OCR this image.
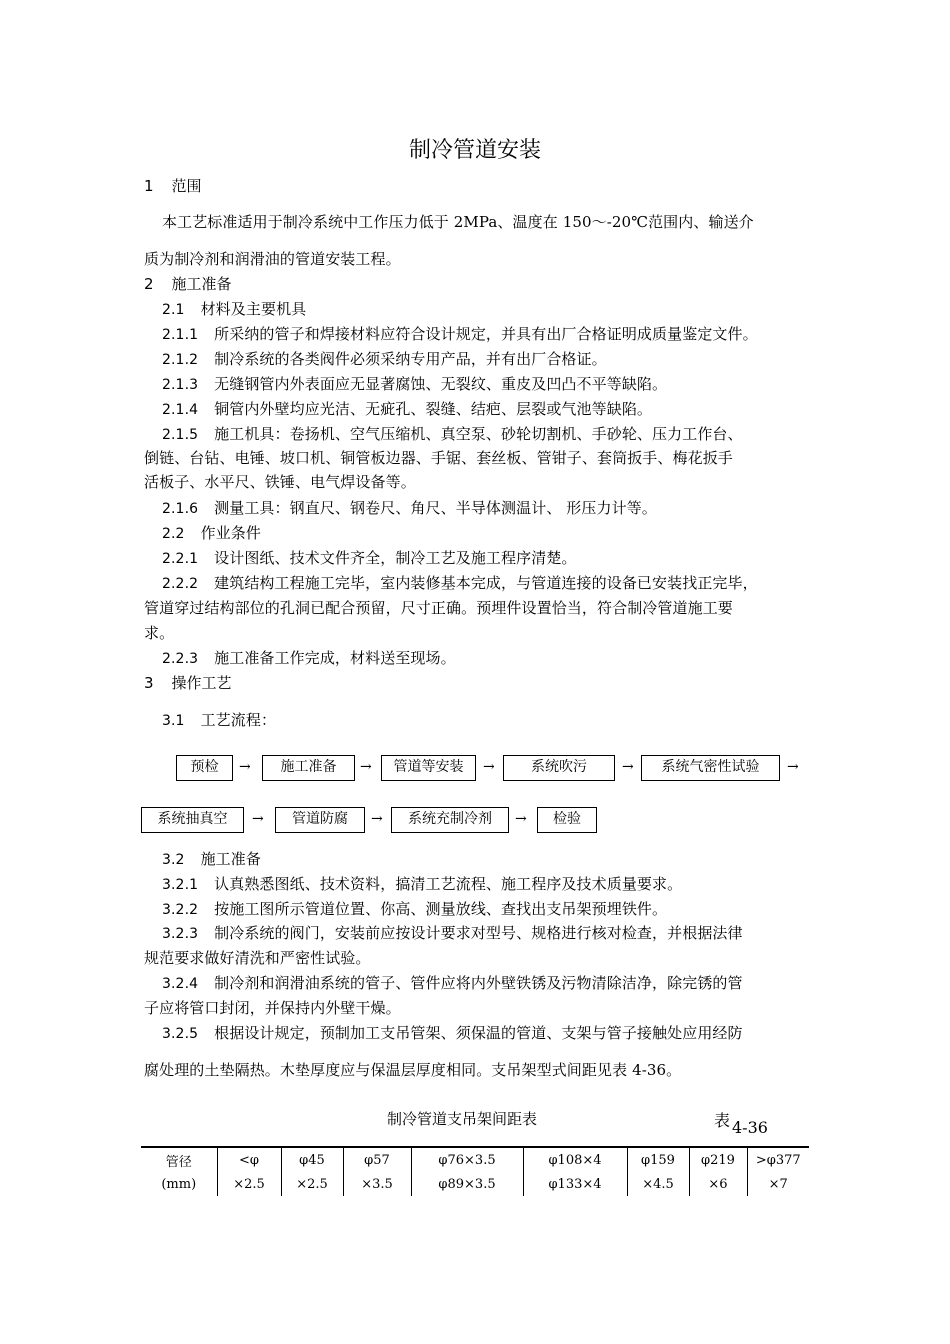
制冷管道安装
1 范围
本工艺标准适用于制冷系统中工作压力低于 2MPa、温度在 150～-20℃范围内、输送介
质为制冷剂和润滑油的管道安装工程。
2 施工准备
2.1 材料及主要机具
2.1.1 所采纳的管子和焊接材料应符合设计规定，并具有出厂合格证明成质量鉴定文件。
2.1.2 制冷系统的各类阀件必须采纳专用产品，并有出厂合格证。
2.1.3 无缝钢管内外表面应无显著腐蚀、无裂纹、重皮及凹凸不平等缺陷。
2.1.4 铜管内外壁均应光洁、无疵孔、裂缝、结疤、层裂或气池等缺陷。
2.1.5 施工机具：卷扬机、空气压缩机、真空泵、砂轮切割机、手砂轮、压力工作台、
倒链、台钻、电锤、坡口机、铜管板边器、手锯、套丝板、管钳子、套筒扳手、梅花扳手
活板子、水平尺、铁锤、电气焊设备等。
2.1.6 测量工具：钢直尺、钢卷尺、角尺、半导体测温计、 形压力计等。
2.2 作业条件
2.2.1 设计图纸、技术文件齐全，制冷工艺及施工程序清楚。
2.2.2 建筑结构工程施工完毕，室内装修基本完成，与管道连接的设备已安装找正完毕，
管道穿过结构部位的孔洞已配合预留，尺寸正确。预埋件设置恰当，符合制冷管道施工要
求。
2.2.3 施工准备工作完成，材料送至现场。
3 操作工艺
3.1 工艺流程：
预检	→	施工准备	→	管道等安装	→	系统吹污	→	系统气密性试验	→
系统抽真空	→	管道防腐	→	系统充制冷剂	→	检验
3.2 施工准备
3.2.1 认真熟悉图纸、技术资料，搞清工艺流程、施工程序及技术质量要求。
3.2.2 按施工图所示管道位置、你高、测量放线、查找出支吊架预埋铁件。
3.2.3 制冷系统的阀门，安装前应按设计要求对型号、规格进行核对检查，并根据法律
规范要求做好清洗和严密性试验。
3.2.4 制冷剂和润滑油系统的管子、管件应将内外壁铁锈及污物清除洁净，除完锈的管
子应将管口封闭，并保持内外壁干燥。
3.2.5 根据设计规定，预制加工支吊管架、须保温的管道、支架与管子接触处应用经防
腐处理的土垫隔热。木垫厚度应与保温层厚度相同。支吊架型式间距见表 4-36。
制冷管道支吊架间距表	表 4-36
管径	<φ	φ45	φ57	φ76×3.5	φ108×4	φ159	φ219	>φ377
(mm)	×2.5	×2.5	×3.5	φ89×3.5	φ133×4	×4.5	×6	×7
